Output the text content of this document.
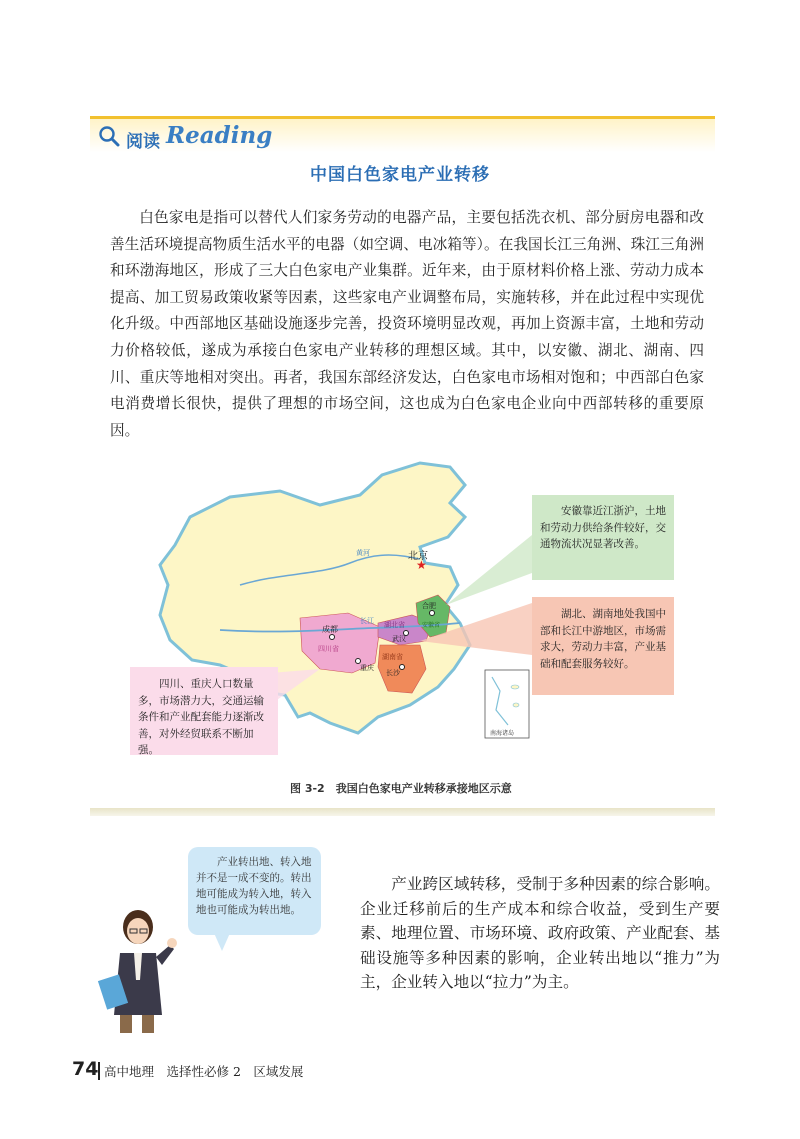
阅读 Reading
中国白色家电产业转移
白色家电是指可以替代人们家务劳动的电器产品，主要包括洗衣机、部分厨房电器和改善生活环境提高物质生活水平的电器（如空调、电冰箱等）。在我国长江三角洲、珠江三角洲和环渤海地区，形成了三大白色家电产业集群。近年来，由于原材料价格上涨、劳动力成本提高、加工贸易政策收紧等因素，这些家电产业调整布局，实施转移，并在此过程中实现优化升级。中西部地区基础设施逐步完善，投资环境明显改观，再加上资源丰富，土地和劳动力价格较低，遂成为承接白色家电产业转移的理想区域。其中，以安徽、湖北、湖南、四川、重庆等地相对突出。再者，我国东部经济发达，白色家电市场相对饱和；中西部白色家电消费增长很快，提供了理想的市场空间，这也成为白色家电企业向中西部转移的重要原因。
南海诸岛
★
北京
黄河
长江
成都
四川省
重庆
武汉
湖北省
合肥
安徽省
长沙
湖南省
安徽靠近江浙沪，土地和劳动力供给条件较好，交通物流状况显著改善。
湖北、湖南地处我国中部和长江中游地区，市场需求大，劳动力丰富，产业基础和配套服务较好。
四川、重庆人口数量多，市场潜力大，交通运输条件和产业配套能力逐渐改善，对外经贸联系不断加强。
图 3-2　我国白色家电产业转移承接地区示意
产业转出地、转入地并不是一成不变的。转出地可能成为转入地，转入地也可能成为转出地。
产业跨区域转移，受制于多种因素的综合影响。企业迁移前后的生产成本和综合收益，受到生产要素、地理位置、市场环境、政府政策、产业配套、基础设施等多种因素的影响，企业转出地以“推力”为主，企业转入地以“拉力”为主。
74 高中地理　选择性必修 2　区域发展
